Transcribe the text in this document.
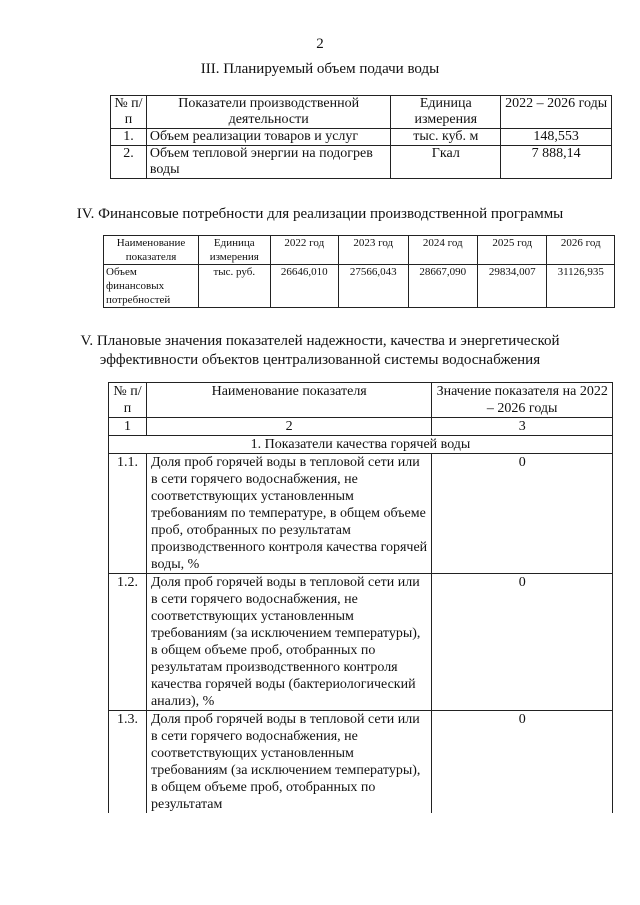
2
III. Планируемый объем подачи воды
№ п/п	Показатели производственной деятельности	Единица измерения	2022 – 2026 годы
1.	Объем реализации товаров и услуг	тыс. куб. м	148,553
2.	Объем тепловой энергии на подогрев воды	Гкал	7 888,14
IV. Финансовые потребности для реализации производственной программы
Наименование показателя	Единица измерения	2022 год	2023 год	2024 год	2025 год	2026 год
Объем финансовых потребностей	тыс. руб.	26646,010	27566,043	28667,090	29834,007	31126,935
V. Плановые значения показателей надежности, качества и энергетической
эффективности объектов централизованной системы водоснабжения
№ п/п	Наименование показателя	Значение показателя на 2022 – 2026 годы
1	2	3
1. Показатели качества горячей воды		
1.1.	Доля проб горячей воды в тепловой сети или в сети горячего водоснабжения, не соответствующих установленным требованиям по температуре, в общем объеме проб, отобранных по результатам производственного контроля качества горячей воды, %	0
1.2.	Доля проб горячей воды в тепловой сети или в сети горячего водоснабжения, не соответствующих установленным требованиям (за исключением температуры), в общем объеме проб, отобранных по результатам производственного контроля качества горячей воды (бактериологический анализ), %	0
1.3.	Доля проб горячей воды в тепловой сети или в сети горячего водоснабжения, не соответствующих установленным требованиям (за исключением температуры), в общем объеме проб, отобранных по результатам	0
